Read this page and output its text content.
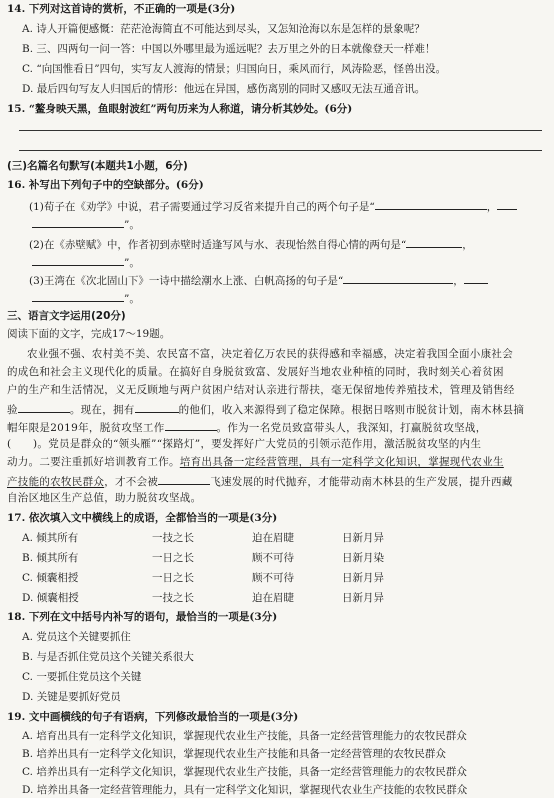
14. 下列对这首诗的赏析，不正确的一项是(3分)
A. 诗人开篇便感慨：茫茫沧海简直不可能达到尽头，又怎知沧海以东是怎样的景象呢？
B. 三、四两句一问一答：中国以外哪里最为遥远呢？去万里之外的日本就像登天一样难！
C. “向国惟看日”四句，实写友人渡海的情景；归国向日，乘风而行，风涛险恶，怪兽出没。
D. 最后四句写友人归国后的情形：他远在异国，感伤离别的同时又感叹无法互通音讯。
15. “鳌身映天黑，鱼眼射波红”两句历来为人称道，请分析其妙处。(6分)
(三)名篇名句默写(本题共1小题，6分)
16. 补写出下列句子中的空缺部分。(6分)
(1)荀子在《劝学》中说，君子需要通过学习反省来提升自己的两个句子是“	，
”。
(2)在《赤壁赋》中，作者初到赤壁时适逢写风与水、表现怡然自得心情的两句是“	，
”。
(3)王湾在《次北固山下》一诗中描绘潮水上涨、白帆高扬的句子是“	，
”。
三、语言文字运用(20分)
阅读下面的文字，完成17～19题。
农业强不强、农村美不美、农民富不富，决定着亿万农民的获得感和幸福感，决定着我国全面小康社会
的成色和社会主义现代化的质量。在搞好自身脱贫致富、发展好当地农业种植的同时，我时刻关心着贫困
户的生产和生活情况，义无反顾地与两户贫困户结对认亲进行帮扶，毫无保留地传养殖技术，管理及销售经
验	。现在，拥有	的他们，收入来源得到了稳定保障。根据日喀则市脱贫计划，南木林县摘
帽年限是2019年，脱贫攻坚工作	。作为一名党员致富带头人，我深知，打赢脱贫攻坚战，
(　　)。党员是群众的“领头雁”“探路灯”，要发挥好广大党员的引领示范作用，激活脱贫攻坚的内生
动力。二要注重抓好培训教育工作。培育出具备一定经营管理，具有一定科学文化知识，掌握现代农业生
产技能的农牧民群众，才不会被	飞速发展的时代抛弃，才能带动南木林县的生产发展，提升西藏
自治区地区生产总值，助力脱贫攻坚战。
17. 依次填入文中横线上的成语，全都恰当的一项是(3分)
A. 倾其所有	一技之长	迫在眉睫	日新月异
B. 倾其所有	一日之长	顾不可待	日新月染
C. 倾囊相授	一日之长	顾不可待	日新月异
D. 倾囊相授	一技之长	迫在眉睫	日新月异
18. 下列在文中括号内补写的语句，最恰当的一项是(3分)
A. 党员这个关键要抓住
B. 与是否抓住党员这个关键关系很大
C. 一要抓住党员这个关键
D. 关键是要抓好党员
19. 文中画横线的句子有语病，下列修改最恰当的一项是(3分)
A. 培育出具有一定科学文化知识，掌握现代农业生产技能，具备一定经营管理能力的农牧民群众
B. 培养出具有一定科学文化知识，掌握现代农业生产技能和具备一定经营管理的农牧民群众
C. 培养出具有一定科学文化知识，掌握现代农业生产技能，具备一定经营管理能力的农牧民群众
D. 培养出具备一定经营管理能力，具有一定科学文化知识，掌握现代农业生产技能的农牧民群众
